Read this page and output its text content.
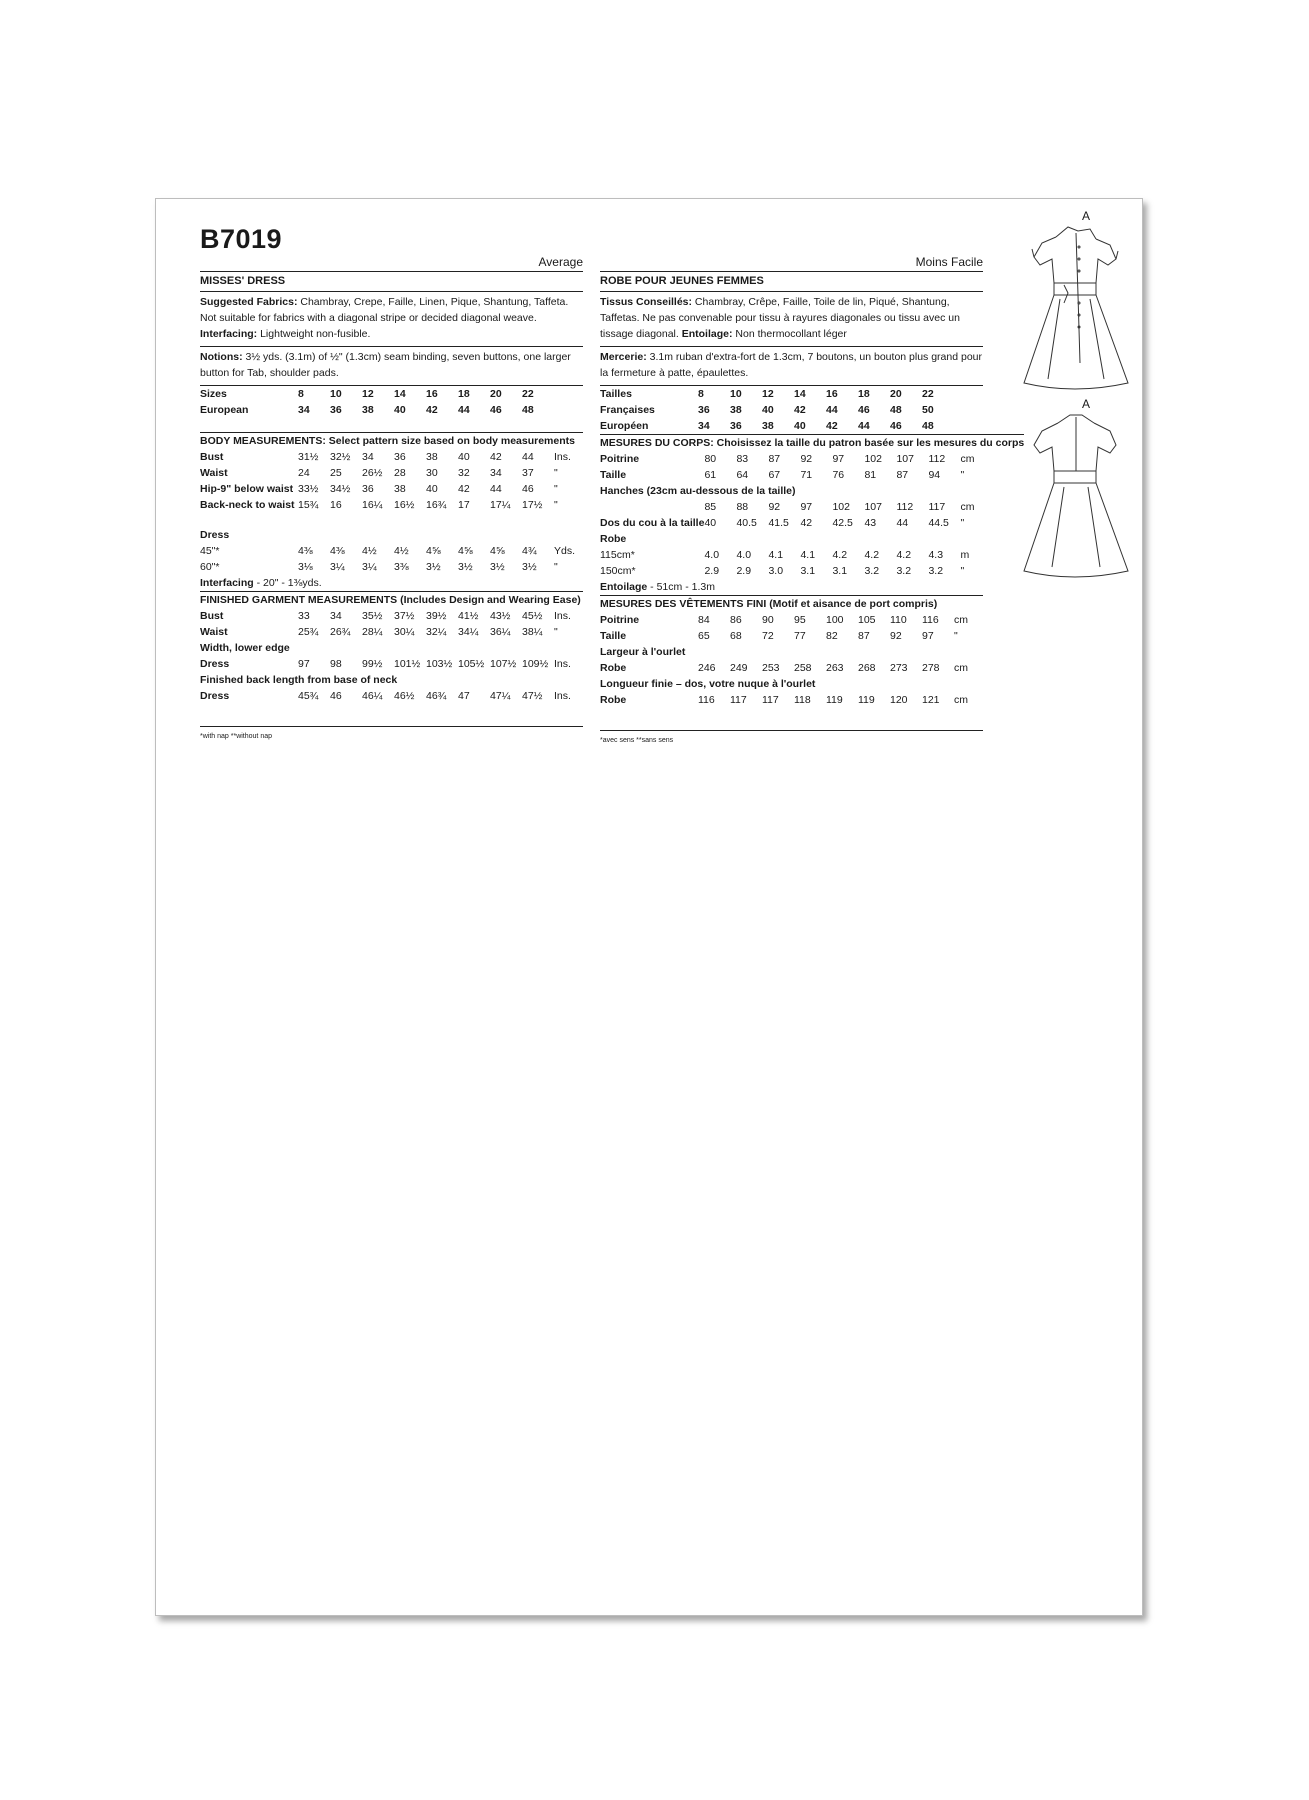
B7019
Average
MISSES' DRESS
Suggested Fabrics: Chambray, Crepe, Faille, Linen, Pique, Shantung, Taffeta. Not suitable for fabrics with a diagonal stripe or decided diagonal weave. Interfacing: Lightweight non-fusible.
Notions: 3½ yds. (3.1m) of ½" (1.3cm) seam binding, seven buttons, one larger button for Tab, shoulder pads.
Sizes	8	10	12	14	16	18	20	22	
European	34	36	38	40	42	44	46	48	

BODY MEASUREMENTS: Select pattern size based on body measurements									
Bust	31½	32½	34	36	38	40	42	44	Ins.
Waist	24	25	26½	28	30	32	34	37	"
Hip-9" below waist	33½	34½	36	38	40	42	44	46	"
Back-neck to waist	15¾	16	16¼	16½	16¾	17	17¼	17½	"

Dress									
45"*	4⅜	4⅜	4½	4½	4⅝	4⅝	4⅝	4¾	Yds.
60"*	3⅛	3¼	3¼	3⅜	3½	3½	3½	3½	"
Interfacing - 20" - 1⅜yds.									
FINISHED GARMENT MEASUREMENTS (Includes Design and Wearing Ease)									
Bust	33	34	35½	37½	39½	41½	43½	45½	Ins.
Waist	25¾	26¾	28¼	30¼	32¼	34¼	36¼	38¼	"
Width, lower edge									
Dress	97	98	99½	101½	103½	105½	107½	109½	Ins.
Finished back length from base of neck									
Dress	45¾	46	46¼	46½	46¾	47	47¼	47½	Ins.
*with nap **without nap
Moins Facile
ROBE POUR JEUNES FEMMES
Tissus Conseillés: Chambray, Crêpe, Faille, Toile de lin, Piqué, Shantung, Taffetas. Ne pas convenable pour tissu à rayures diagonales ou tissu avec un tissage diagonal. Entoilage: Non thermocollant léger
Mercerie: 3.1m ruban d'extra-fort de 1.3cm, 7 boutons, un bouton plus grand pour la fermeture à patte, épaulettes.
Tailles	8	10	12	14	16	18	20	22	
Françaises	36	38	40	42	44	46	48	50	
Européen	34	36	38	40	42	44	46	48	
MESURES DU CORPS: Choisissez la taille du patron basée sur les mesures du corps									
Poitrine	80	83	87	92	97	102	107	112	cm
Taille	61	64	67	71	76	81	87	94	"
Hanches (23cm au-dessous de la taille)									
	85	88	92	97	102	107	112	117	cm
Dos du cou à la taille	40	40.5	41.5	42	42.5	43	44	44.5	"
Robe									
115cm*	4.0	4.0	4.1	4.1	4.2	4.2	4.2	4.3	m
150cm*	2.9	2.9	3.0	3.1	3.1	3.2	3.2	3.2	"
Entoilage - 51cm - 1.3m									
MESURES DES VÊTEMENTS FINI (Motif et aisance de port compris)									
Poitrine	84	86	90	95	100	105	110	116	cm
Taille	65	68	72	77	82	87	92	97	"
Largeur à l'ourlet									
Robe	246	249	253	258	263	268	273	278	cm
Longueur finie – dos, votre nuque à l'ourlet									
Robe	116	117	117	118	119	119	120	121	cm
*avec sens **sans sens
A
A
